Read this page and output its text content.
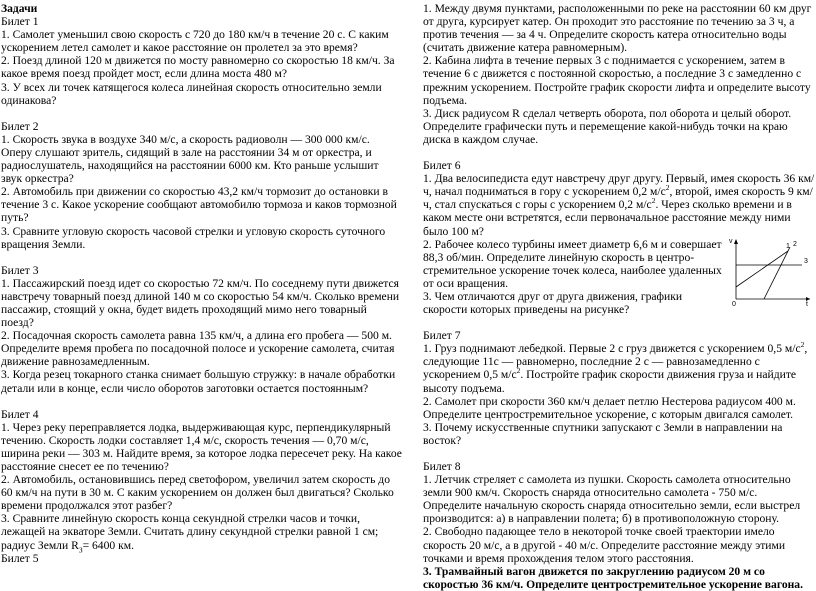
Задачи

Билет 1

1. Самолет уменьшил свою скорость с 720 до 180 км/ч в течение 20 с. С каким ускорением летел самолет и какое расстояние он пролетел за это время?

2. Поезд длиной 120 м движется по мосту равномерно со скоростью 18 км/ч. За какое время поезд пройдет мост, если длина моста 480 м?

3. У всех ли точек катящегося колеса линейная скорость относительно земли одинакова?

Билет 2

1. Скорость звука в воздухе 340 м/с, а скорость радиоволн — 300 000 км/с. Оперу слушают зритель, сидящий в зале на расстоянии 34 м от оркестра, и радиослушатель, находящийся на расстоянии 6000 км. Кто раньше услышит звук оркестра?

2. Автомобиль при движении со скоростью 43,2 км/ч тормозит до остановки в течение 3 с. Какое ускорение сообщают автомобилю тормоза и каков тормозной путь?

3. Сравните угловую скорость часовой стрелки и угловую скорость суточного вращения Земли.

Билет 3

1. Пассажирский поезд идет со скоростью 72 км/ч. По соседнему пути движется навстречу товарный поезд длиной 140 м со скоростью 54 км/ч. Сколько времени пассажир, стоящий у окна, будет видеть проходящий мимо него товарный поезд?

2. Посадочная скорость самолета равна 135 км/ч, а длина его пробега — 500 м. Определите время пробега по посадочной полосе и ускорение самолета, считая движение равнозамедленным.

3. Когда резец токарного станка снимает большую стружку: в начале обработки детали или в конце, если число оборотов заготовки остается постоянным?

Билет 4

1. Через реку переправляется лодка, выдерживающая курс, перпендикулярный течению. Скорость лодки составляет 1,4 м/с, скорость течения — 0,70 м/с, ширина реки — 303 м. Найдите время, за которое лодка пересечет реку. На какое расстояние снесет ее по течению?

2. Автомобиль, остановившись перед светофором, увеличил затем скорость до 60 км/ч на пути в 30 м. С каким ускорением он должен был двигаться? Сколько времени продолжался этот разбег?

3. Сравните линейную скорость конца секундной стрелки часов и точки, лежащей на экваторе Земли. Считать длину секундной стрелки равной 1 см; радиус Земли $R_З= 6400$ км.

Билет 5

1. Между двумя пунктами, расположенными по реке на расстоянии 60 км друг от друга, курсирует катер. Он проходит это расстояние по течению за 3 ч, а против течения — за 4 ч. Определите скорость катера относительно воды (считать движение катера равномерным).

2. Кабина лифта в течение первых 3 с поднимается с ускорением, затем в течение 6 с движется с постоянной скоростью, а последние 3 с замедленно с прежним ускорением. Постройте график скорости лифта и определите высоту подъема.

3. Диск радиусом R сделал четверть оборота, пол оборота и целый оборот. Определите графически путь и перемещение какой-нибудь точки на краю диска в каждом случае.

Билет 6

1. Два велосипедиста едут навстречу друг другу. Первый, имея скорость 36 км/ч, начал подниматься в гору с ускорением 0,2 $м/с^2$, второй, имея скорость 9 км/ч, стал спускаться с горы с ускорением 0,2 $м/с^2$. Через сколько времени и в каком месте они встретятся, если первоначальное расстояние между ними было 100 м?

2. Рабочее колесо турбины имеет диаметр 6,6 м и совершает 88,3 об/мин. Определите линейную скорость в центро-стремительное ускорение точек колеса, наиболее удаленных от оси вращения.

3. Чем отличаются друг от друга движения, графики скорости которых приведены на рисунке?

v
t
0
1 2
3

Билет 7

1. Груз поднимают лебедкой. Первые 2 с груз движется с ускорением 0,5 $м/с^2$, следующие 11с — равномерно, последние 2 с — равнозамедленно с ускорением 0,5 $м/с^2$. Постройте график скорости движения груза и найдите высоту подъема.

2. Самолет при скорости 360 км/ч делает петлю Нестерова радиусом 400 м. Определите центростремительное ускорение, с которым двигался самолет.

3. Почему искусственные спутники запускают с Земли в направлении на восток?

Билет 8

1. Летчик стреляет с самолета из пушки. Скорость самолета относительно земли 900 км/ч. Скорость снаряда относительно самолета - 750 м/с. Определите начальную скорость снаряда относительно земли, если выстрел производится: а) в направлении полета; б) в противоположную сторону.

2. Свободно падающее тело в некоторой точке своей траектории имело скорость 20 м/с, а в другой - 40 м/с. Определите расстояние между этими точками и время прохождения телом этого расстояния.

3. Трамвайный вагон движется по закруглению радиусом 20 м со скоростью 36 км/ч. Определите центростремительное ускорение вагона.
